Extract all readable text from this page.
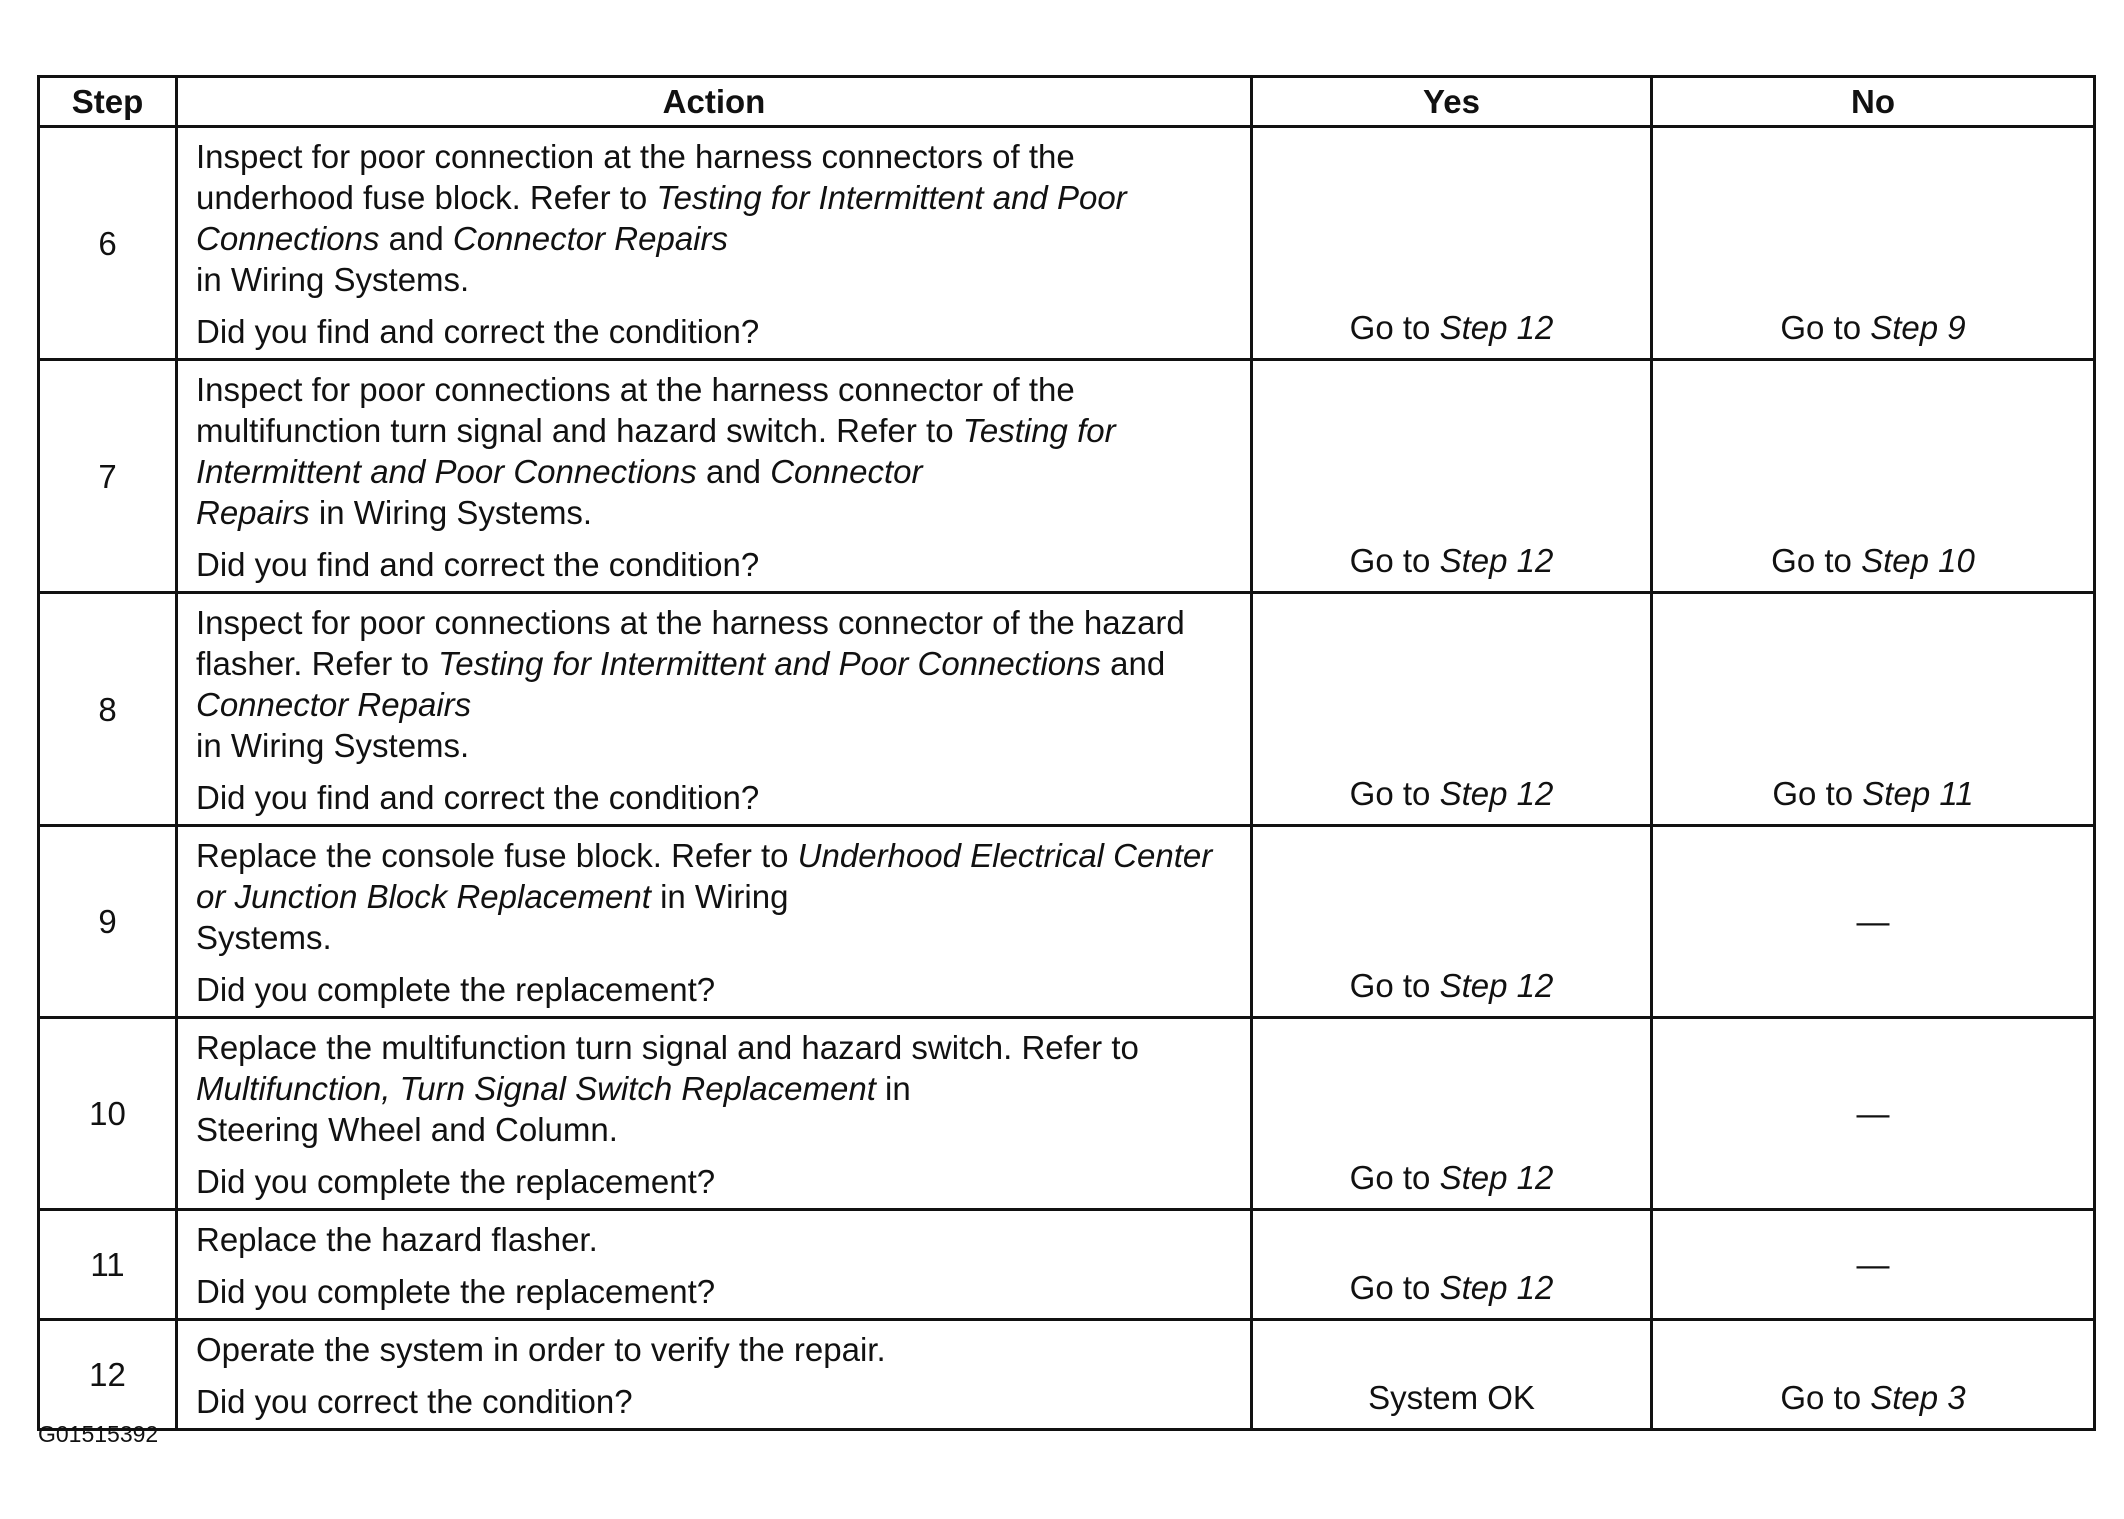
Step	Action	Yes	No
6	Inspect for poor connection at the harness connectors of the underhood fuse block. Refer to Testing for Intermittent and Poor Connections and Connector Repairs
in Wiring Systems.
Did you find and correct the condition?	Go to Step 12	Go to Step 9
7	Inspect for poor connections at the harness connector of the multifunction turn signal and hazard switch. Refer to Testing for Intermittent and Poor Connections and Connector
Repairs in Wiring Systems.
Did you find and correct the condition?	Go to Step 12	Go to Step 10
8	Inspect for poor connections at the harness connector of the hazard flasher. Refer to Testing for Intermittent and Poor Connections and Connector Repairs
in Wiring Systems.
Did you find and correct the condition?	Go to Step 12	Go to Step 11
9	Replace the console fuse block. Refer to Underhood Electrical Center or Junction Block Replacement in Wiring
Systems.
Did you complete the replacement?	Go to Step 12	—
10	Replace the multifunction turn signal and hazard switch. Refer to Multifunction, Turn Signal Switch Replacement in
Steering Wheel and Column.
Did you complete the replacement?	Go to Step 12	—
11	Replace the hazard flasher.
Did you complete the replacement?	Go to Step 12	—
12	Operate the system in order to verify the repair.
Did you correct the condition?	System OK	Go to Step 3
G01515392
